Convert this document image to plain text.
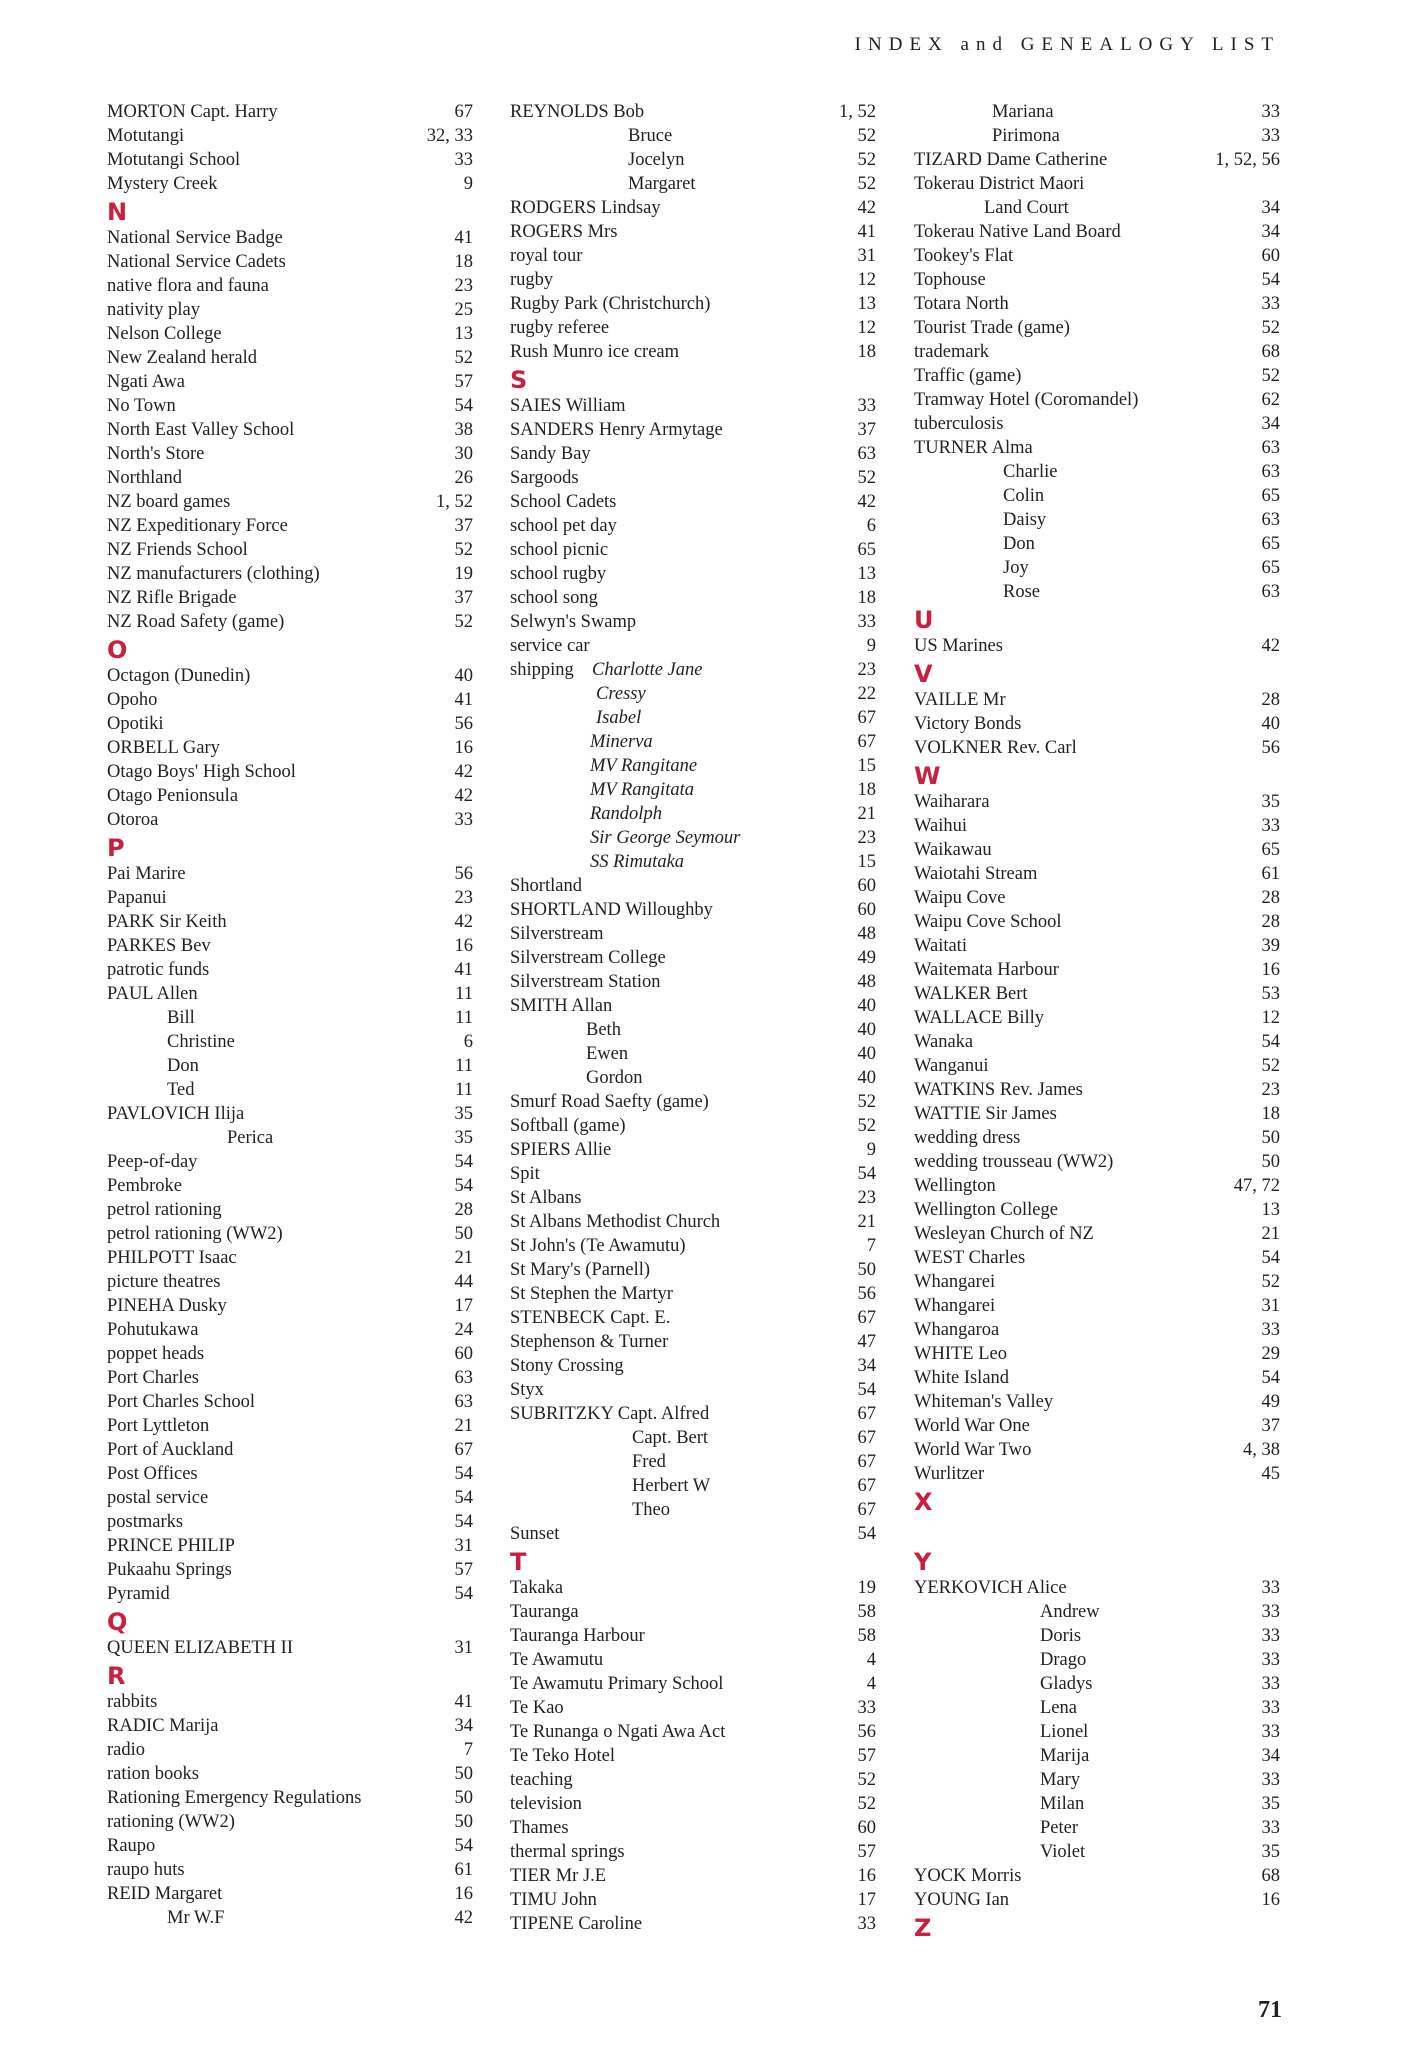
INDEX and GENEALOGY LIST
MORTON Capt. Harry	67
Motutangi	32, 33
Motutangi School	33
Mystery Creek	9
N
National Service Badge	41
National Service Cadets	18
native flora and fauna	23
nativity play	25
Nelson College	13
New Zealand herald	52
Ngati Awa	57
No Town	54
North East Valley School	38
North's Store	30
Northland	26
NZ board games	1, 52
NZ Expeditionary Force	37
NZ Friends School	52
NZ manufacturers (clothing)	19
NZ Rifle Brigade	37
NZ Road Safety (game)	52
O
Octagon (Dunedin)	40
Opoho	41
Opotiki	56
ORBELL Gary	16
Otago Boys' High School	42
Otago Penionsula	42
Otoroa	33
P
Pai Marire	56
Papanui	23
PARK Sir Keith	42
PARKES Bev	16
patrotic funds	41
PAUL Allen	11
Bill	11
Christine	6
Don	11
Ted	11
PAVLOVICH Ilija	35
Perica	35
Peep-of-day	54
Pembroke	54
petrol rationing	28
petrol rationing (WW2)	50
PHILPOTT Isaac	21
picture theatres	44
PINEHA Dusky	17
Pohutukawa	24
poppet heads	60
Port Charles	63
Port Charles School	63
Port Lyttleton	21
Port of Auckland	67
Post Offices	54
postal service	54
postmarks	54
PRINCE PHILIP	31
Pukaahu Springs	57
Pyramid	54
Q
QUEEN ELIZABETH II	31
R
rabbits	41
RADIC Marija	34
radio	7
ration books	50
Rationing Emergency Regulations	50
rationing (WW2)	50
Raupo	54
raupo huts	61
REID Margaret	16
Mr W.F	42
REYNOLDS Bob	1, 52
Bruce	52
Jocelyn	52
Margaret	52
RODGERS Lindsay	42
ROGERS Mrs	41
royal tour	31
rugby	12
Rugby Park (Christchurch)	13
rugby referee	12
Rush Munro ice cream	18
S
SAIES William	33
SANDERS Henry Armytage	37
Sandy Bay	63
Sargoods	52
School Cadets	42
school pet day	6
school picnic	65
school rugby	13
school song	18
Selwyn's Swamp	33
service car	9
shipping Charlotte Jane	23
Cressy	22
Isabel	67
Minerva	67
MV Rangitane	15
MV Rangitata	18
Randolph	21
Sir George Seymour	23
SS Rimutaka	15
Shortland	60
SHORTLAND Willoughby	60
Silverstream	48
Silverstream College	49
Silverstream Station	48
SMITH Allan	40
Beth	40
Ewen	40
Gordon	40
Smurf Road Saefty (game)	52
Softball (game)	52
SPIERS Allie	9
Spit	54
St Albans	23
St Albans Methodist Church	21
St John's (Te Awamutu)	7
St Mary's (Parnell)	50
St Stephen the Martyr	56
STENBECK Capt. E.	67
Stephenson & Turner	47
Stony Crossing	34
Styx	54
SUBRITZKY Capt. Alfred	67
Capt. Bert	67
Fred	67
Herbert W	67
Theo	67
Sunset	54
T
Takaka	19
Tauranga	58
Tauranga Harbour	58
Te Awamutu	4
Te Awamutu Primary School	4
Te Kao	33
Te Runanga o Ngati Awa Act	56
Te Teko Hotel	57
teaching	52
television	52
Thames	60
thermal springs	57
TIER Mr J.E	16
TIMU John	17
TIPENE Caroline	33
Mariana	33
Pirimona	33
TIZARD Dame Catherine	1, 52, 56
Tokerau District Maori
Land Court	34
Tokerau Native Land Board	34
Tookey's Flat	60
Tophouse	54
Totara North	33
Tourist Trade (game)	52
trademark	68
Traffic (game)	52
Tramway Hotel (Coromandel)	62
tuberculosis	34
TURNER Alma	63
Charlie	63
Colin	65
Daisy	63
Don	65
Joy	65
Rose	63
U
US Marines	42
V
VAILLE Mr	28
Victory Bonds	40
VOLKNER Rev. Carl	56
W
Waiharara	35
Waihui	33
Waikawau	65
Waiotahi Stream	61
Waipu Cove	28
Waipu Cove School	28
Waitati	39
Waitemata Harbour	16
WALKER Bert	53
WALLACE Billy	12
Wanaka	54
Wanganui	52
WATKINS Rev. James	23
WATTIE Sir James	18
wedding dress	50
wedding trousseau (WW2)	50
Wellington	47, 72
Wellington College	13
Wesleyan Church of NZ	21
WEST Charles	54
Whangarei	52
Whangarei	31
Whangaroa	33
WHITE Leo	29
White Island	54
Whiteman's Valley	49
World War One	37
World War Two	4, 38
Wurlitzer	45
X
Y
YERKOVICH Alice	33
Andrew	33
Doris	33
Drago	33
Gladys	33
Lena	33
Lionel	33
Marija	34
Mary	33
Milan	35
Peter	33
Violet	35
YOCK Morris	68
YOUNG Ian	16
Z
71
